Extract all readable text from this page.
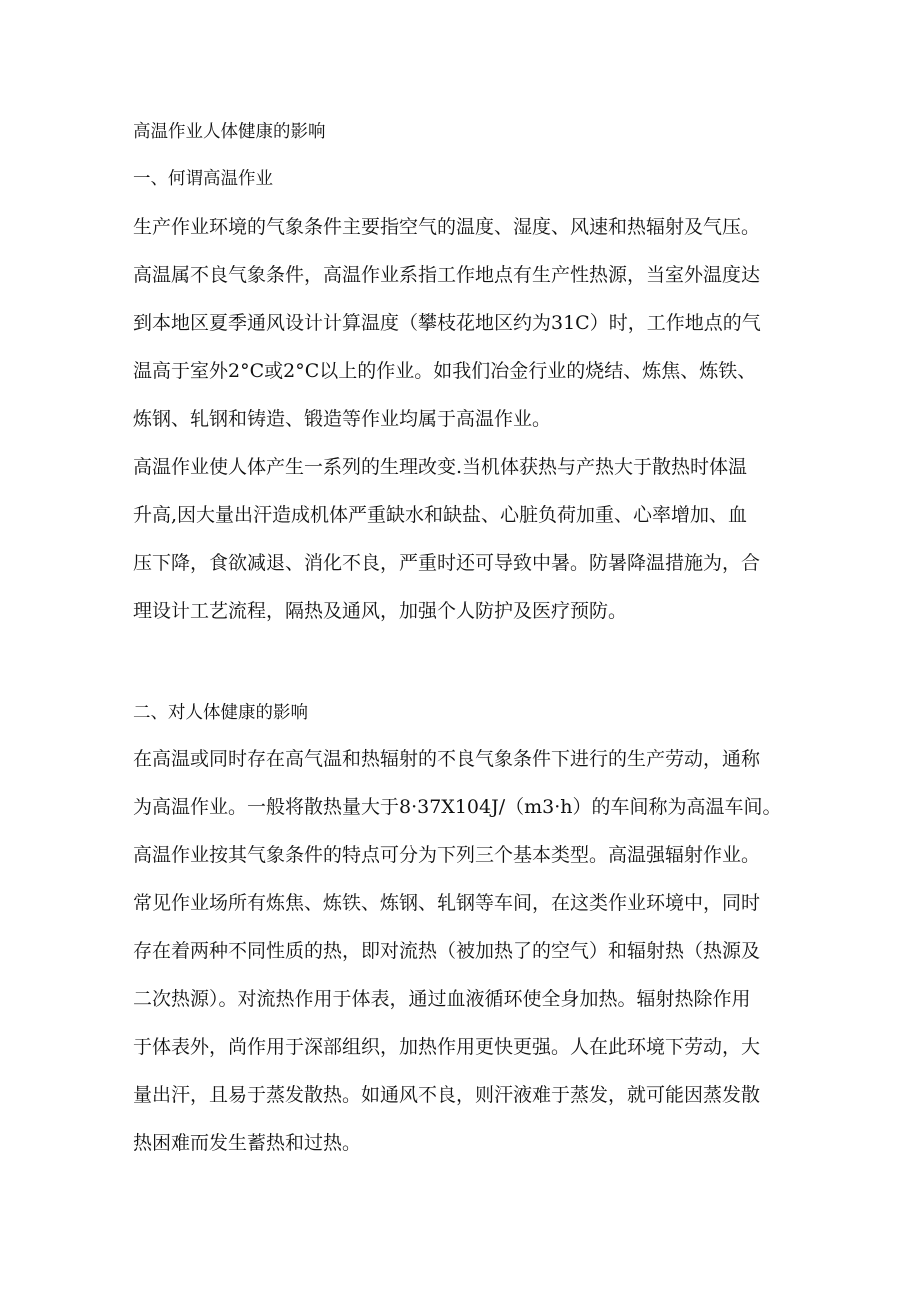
高温作业人体健康的影响

一、何谓高温作业

生产作业环境的气象条件主要指空气的温度、湿度、风速和热辐射及气压。

高温属不良气象条件，高温作业系指工作地点有生产性热源，当室外温度达

到本地区夏季通风设计计算温度（攀枝花地区约为31C）时，工作地点的气

温高于室外2°C或2°C以上的作业。如我们冶金行业的烧结、炼焦、炼铁、

炼钢、轧钢和铸造、锻造等作业均属于高温作业。

高温作业使人体产生一系列的生理改变.当机体获热与产热大于散热时体温

升高,因大量出汗造成机体严重缺水和缺盐、心脏负荷加重、心率增加、血

压下降，食欲减退、消化不良，严重时还可导致中暑。防暑降温措施为，合

理设计工艺流程，隔热及通风，加强个人防护及医疗预防。

二、对人体健康的影响

在高温或同时存在高气温和热辐射的不良气象条件下进行的生产劳动，通称

为高温作业。一般将散热量大于8·37X104J∕（m3·h）的车间称为高温车间。

高温作业按其气象条件的特点可分为下列三个基本类型。高温强辐射作业。

常见作业场所有炼焦、炼铁、炼钢、轧钢等车间，在这类作业环境中，同时

存在着两种不同性质的热，即对流热（被加热了的空气）和辐射热（热源及

二次热源）。对流热作用于体表，通过血液循环使全身加热。辐射热除作用

于体表外，尚作用于深部组织，加热作用更快更强。人在此环境下劳动，大

量出汗，且易于蒸发散热。如通风不良，则汗液难于蒸发，就可能因蒸发散

热困难而发生蓄热和过热。
